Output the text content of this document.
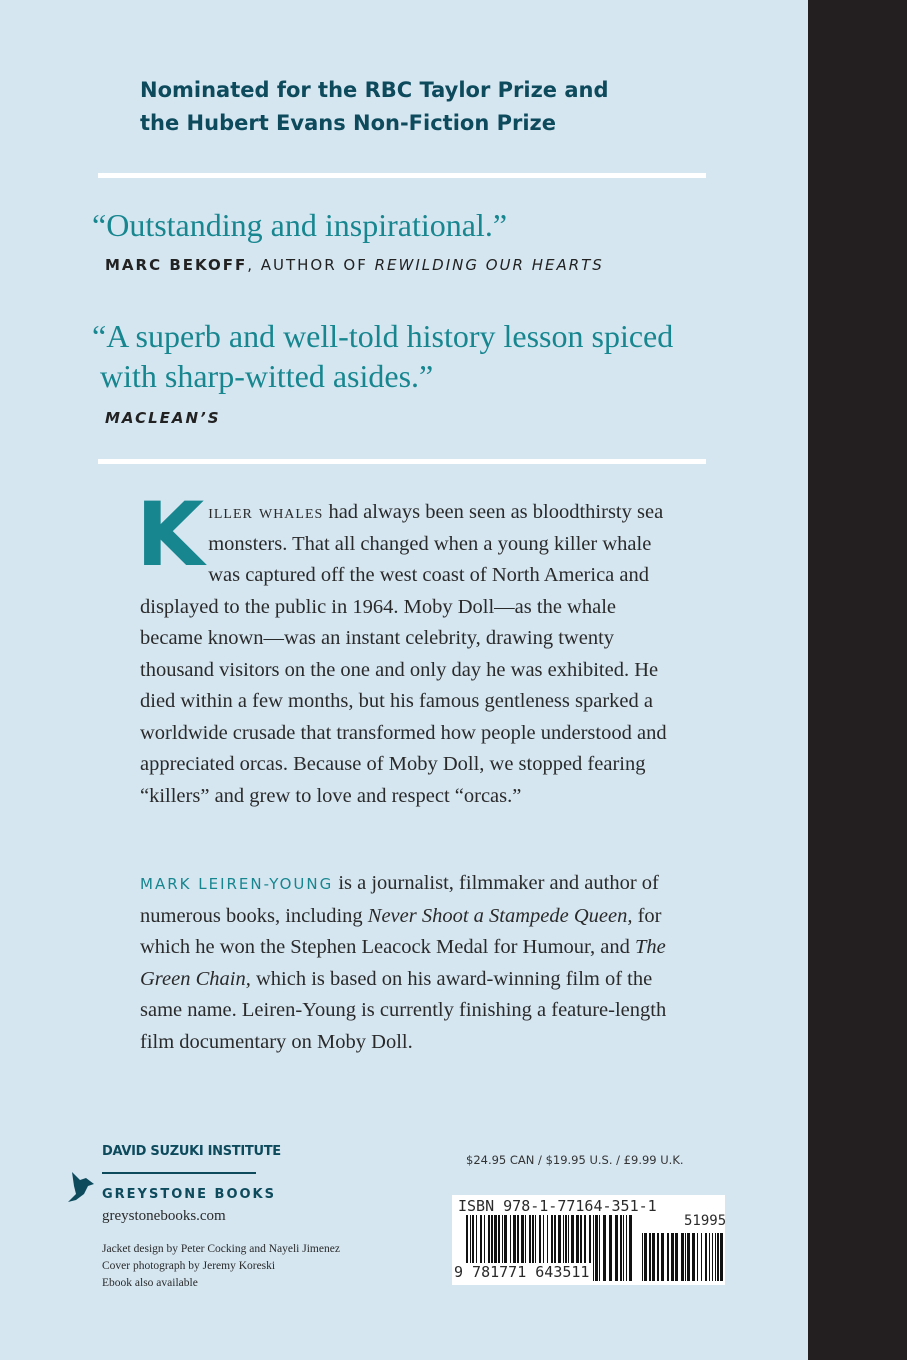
Nominated for the RBC Taylor Prize and
the Hubert Evans Non-Fiction Prize
“Outstanding and inspirational.”
MARC BEKOFF, AUTHOR OF REWILDING OUR HEARTS
“A superb and well-told history lesson spiced
with sharp-witted asides.”
MACLEAN’S
Killer whales had always been seen as bloodthirsty sea monsters. That all changed when a young killer whale was captured off the west coast of North America and displayed to the public in 1964. Moby Doll—as the whale became known—was an instant celebrity, drawing twenty thousand visitors on the one and only day he was exhibited. He died within a few months, but his famous gentleness sparked a worldwide crusade that transformed how people understood and appreciated orcas. Because of Moby Doll, we stopped fearing “killers” and grew to love and respect “orcas.”
MARK LEIREN-YOUNG is a journalist, filmmaker and author of numerous books, including Never Shoot a Stampede Queen, for which he won the Stephen Leacock Medal for Humour, and The Green Chain, which is based on his award-winning film of the same name. Leiren-Young is currently finishing a feature-length film documentary on Moby Doll.
DAVID SUZUKI INSTITUTE
GREYSTONE BOOKS
greystonebooks.com
Jacket design by Peter Cocking and Nayeli Jimenez
Cover photograph by Jeremy Koreski
Ebook also available
$24.95 CAN / $19.95 U.S. / £9.99 U.K.
ISBN 978-1-77164-351-1
51995
9 781771 643511
